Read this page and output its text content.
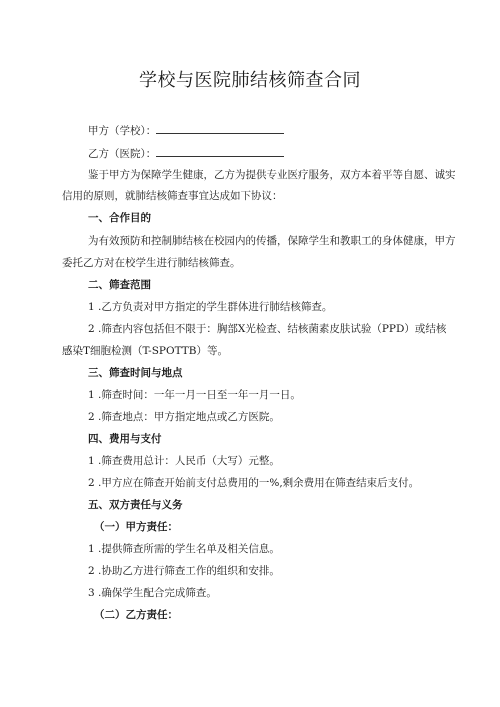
学校与医院肺结核筛查合同
甲方（学校）：
乙方（医院）：
鉴于甲方为保障学生健康，乙方为提供专业医疗服务，双方本着平等自愿、诚实
信用的原则，就肺结核筛查事宜达成如下协议：
一、合作目的
为有效预防和控制肺结核在校园内的传播，保障学生和教职工的身体健康，甲方
委托乙方对在校学生进行肺结核筛查。
二、筛查范围
1 .乙方负责对甲方指定的学生群体进行肺结核筛查。
2 .筛查内容包括但不限于：胸部X光检查、结核菌素皮肤试验（PPD）或结核
感染T细胞检测（T-SPOTTB）等。
三、筛查时间与地点
1 .筛查时间：一年一月一日至一年一月一日。
2 .筛查地点：甲方指定地点或乙方医院。
四、费用与支付
1 .筛查费用总计：人民币（大写）元整。
2 .甲方应在筛查开始前支付总费用的一%,剩余费用在筛查结束后支付。
五、双方责任与义务
（一）甲方责任：
1 .提供筛查所需的学生名单及相关信息。
2 .协助乙方进行筛查工作的组织和安排。
3 .确保学生配合完成筛查。
（二）乙方责任：
